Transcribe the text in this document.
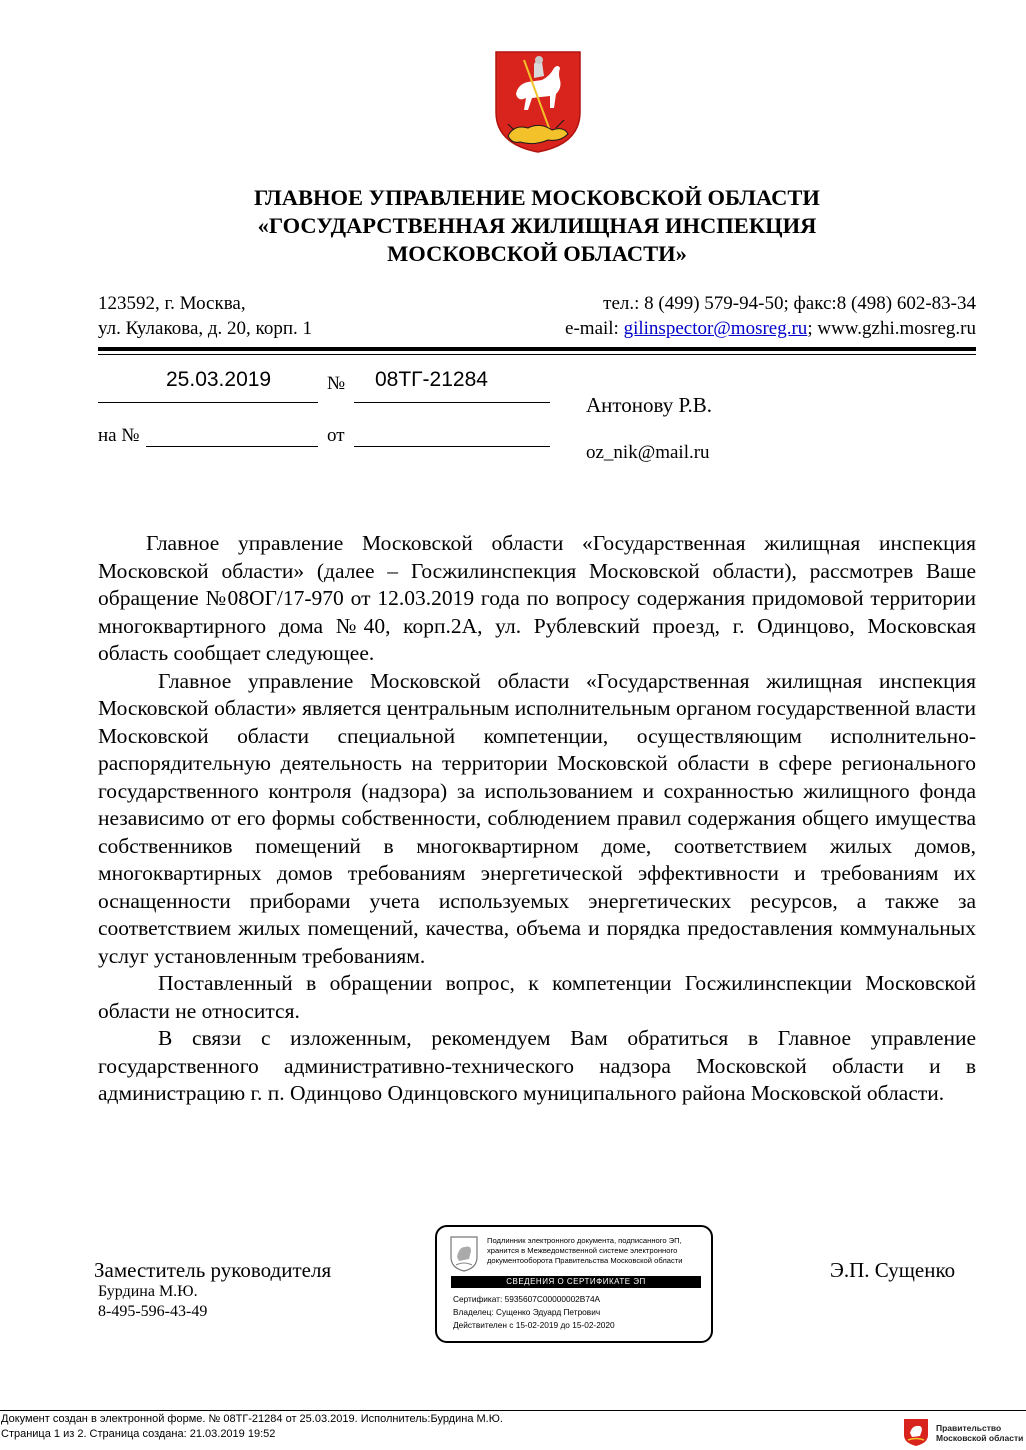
ГЛАВНОЕ УПРАВЛЕНИЕ МОСКОВСКОЙ ОБЛАСТИ
«ГОСУДАРСТВЕННАЯ ЖИЛИЩНАЯ ИНСПЕКЦИЯ
МОСКОВСКОЙ ОБЛАСТИ»
123592, г. Москва,
ул. Кулакова, д. 20, корп. 1
тел.: 8 (499) 579-94-50; факс:8 (498) 602-83-34
e-mail: gilinspector@mosreg.ru; www.gzhi.mosreg.ru
25.03.2019	№ 08ТГ-21284
на №	от
Антонову Р.В.
oz_nik@mail.ru

Главное управление Московской области «Государственная жилищная инспекция Московской области» (далее – Госжилинспекция Московской области), рассмотрев Ваше обращение №08ОГ/17-970 от 12.03.2019 года по вопросу содержания придомовой территории многоквартирного дома №40, корп.2А, ул. Рублевский проезд, г. Одинцово, Московская область сообщает следующее.

Главное управление Московской области «Государственная жилищная инспекция Московской области» является центральным исполнительным органом государственной власти Московской области специальной компетенции, осуществляющим исполнительно-распорядительную деятельность на территории Московской области в сфере регионального государственного контроля (надзора) за использованием и сохранностью жилищного фонда независимо от его формы собственности, соблюдением правил содержания общего имущества собственников помещений в многоквартирном доме, соответствием жилых домов, многоквартирных домов требованиям энергетической эффективности и требованиям их оснащенности приборами учета используемых энергетических ресурсов, а также за соответствием жилых помещений, качества, объема и порядка предоставления коммунальных услуг установленным требованиям.

Поставленный в обращении вопрос, к компетенции Госжилинспекции Московской области не относится.

В связи с изложенным, рекомендуем Вам обратиться в Главное управление государственного административно-технического надзора Московской области и в администрацию г. п. Одинцово Одинцовского муниципального района Московской области.

Заместитель руководителя
Бурдина М.Ю.
8-495-596-43-49
Э.П. Сущенко
Подлинник электронного документа, подписанного ЭП,
хранится в Межведомственной системе электронного
документооборота Правительства Московской области
СВЕДЕНИЯ О СЕРТИФИКАТЕ ЭП
Сертификат: 5935607C00000002B74A
Владелец: Сущенко Эдуард Петрович
Действителен с 15-02-2019 до 15-02-2020
Документ создан в электронной форме. № 08ТГ-21284 от 25.03.2019. Исполнитель:Бурдина М.Ю.
Страница 1 из 2. Страница создана: 21.03.2019 19:52	Правительство
Московской области
